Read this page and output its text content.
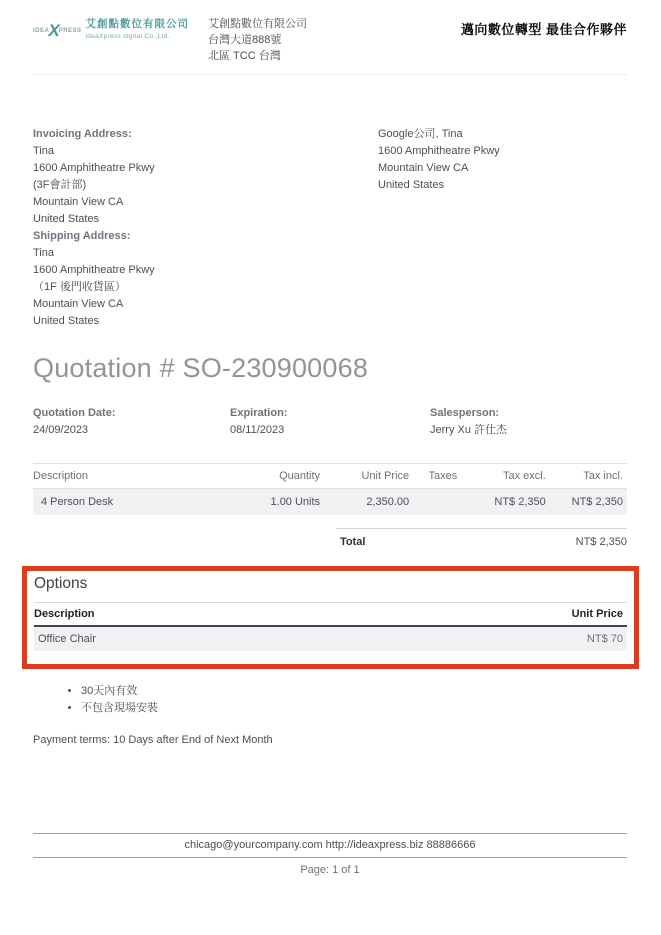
IDEA X PRESS
艾創點數位有限公司
ideaXpress digital Co.,Ltd.
艾創點數位有限公司
台灣大道888號
北區 TCC 台灣
邁向數位轉型 最佳合作夥伴
Invoicing Address:
Tina
1600 Amphitheatre Pkwy
(3F會計部)
Mountain View CA
United States
Shipping Address:
Tina
1600 Amphitheatre Pkwy
（1F 後門收貨區）
Mountain View CA
United States
Google公司, Tina
1600 Amphitheatre Pkwy
Mountain View CA
United States
Quotation # SO-230900068
Quotation Date:
24/09/2023
Expiration:
08/11/2023
Salesperson:
Jerry Xu 許仕杰
Description	Quantity	Unit Price	Taxes	Tax excl.	Tax incl.
4 Person Desk	1.00 Units	2,350.00		NT$ 2,350	NT$ 2,350
Total	NT$ 2,350
Options
Description	Unit Price
Office Chair	NT$ 70
• 30天內有效
• 不包含現場安裝
Payment terms: 10 Days after End of Next Month
chicago@yourcompany.com http://ideaxpress.biz 88886666
Page: 1 of 1
